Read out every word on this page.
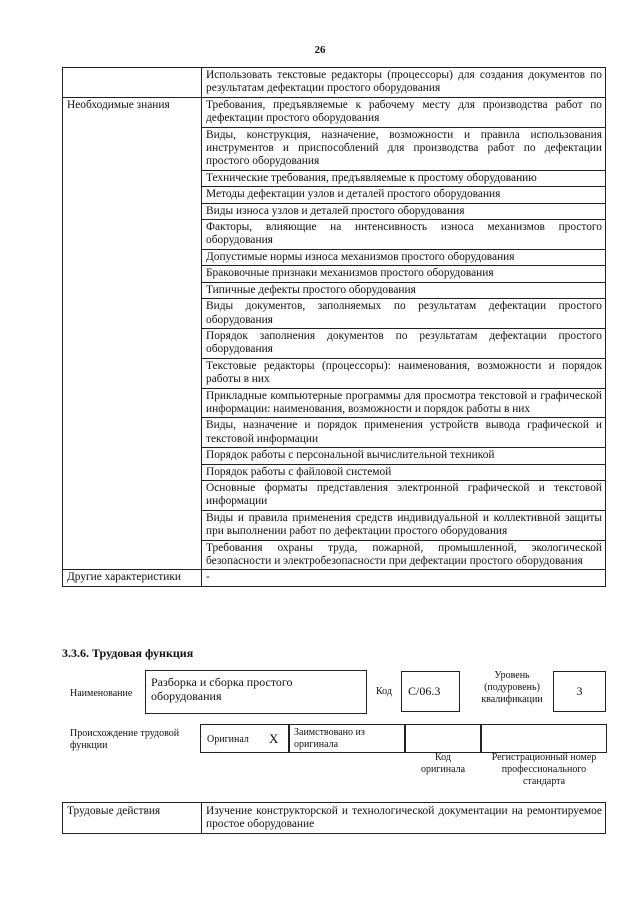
26
	Использовать текстовые редакторы (процессоры) для создания документов по результатам дефектации простого оборудования
Необходимые знания	Требования, предъявляемые к рабочему месту для производства работ по дефектации простого оборудования
	Виды, конструкция, назначение, возможности и правила использования инструментов и приспособлений для производства работ по дефектации простого оборудования
	Технические требования, предъявляемые к простому оборудованию
	Методы дефектации узлов и деталей простого оборудования
	Виды износа узлов и деталей простого оборудования
	Факторы, влияющие на интенсивность износа механизмов простого оборудования
	Допустимые нормы износа механизмов простого оборудования
	Браковочные признаки механизмов простого оборудования
	Типичные дефекты простого оборудования
	Виды документов, заполняемых по результатам дефектации простого оборудования
	Порядок заполнения документов по результатам дефектации простого оборудования
	Текстовые редакторы (процессоры): наименования, возможности и порядок работы в них
	Прикладные компьютерные программы для просмотра текстовой и графической информации: наименования, возможности и порядок работы в них
	Виды, назначение и порядок применения устройств вывода графической и текстовой информации
	Порядок работы с персональной вычислительной техникой
	Порядок работы с файловой системой
	Основные форматы представления электронной графической и текстовой информации
	Виды и правила применения средств индивидуальной и коллективной защиты при выполнении работ по дефектации простого оборудования
	Требования охраны труда, пожарной, промышленной, экологической безопасности и электробезопасности при дефектации простого оборудования
Другие характеристики	-
3.3.6. Трудовая функция
Наименование
Разборка и сборка простого оборудования	Код С/06.3
Уровень (подуровень) квалификации
3
Происхождение трудовой функции
Оригинал X Заимствовано из оригинала
Код оригинала
Регистрационный номер профессионального стандарта
Трудовые действия	Изучение конструкторской и технологической документации на ремонтируемое простое оборудование
